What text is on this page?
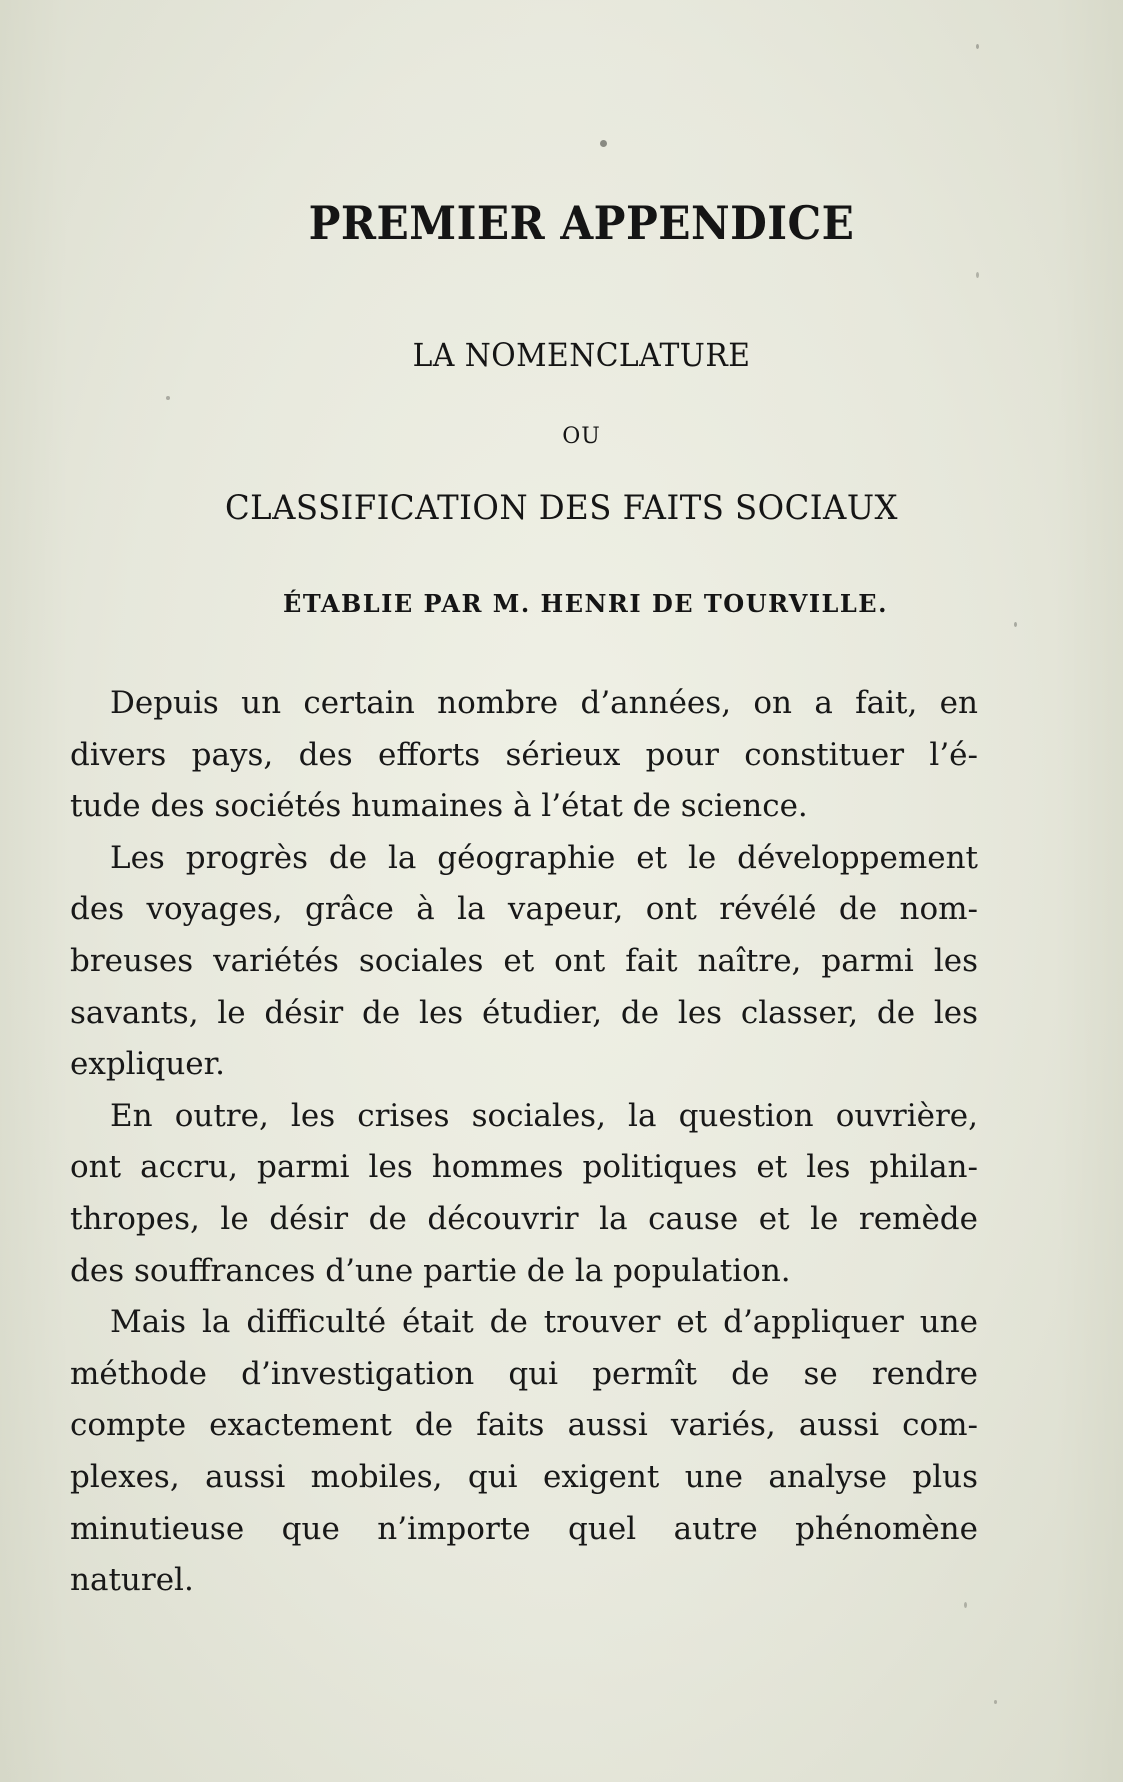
PREMIER APPENDICE
LA NOMENCLATURE
OU
CLASSIFICATION DES FAITS SOCIAUX
ÉTABLIE PAR M. HENRI DE TOURVILLE.

Depuis un certain nombre d’années, on a fait, en
divers pays, des efforts sérieux pour constituer l’é-
tude des sociétés humaines à l’état de science.

Les progrès de la géographie et le développement
des voyages, grâce à la vapeur, ont révélé de nom-
breuses variétés sociales et ont fait naître, parmi les
savants, le désir de les étudier, de les classer, de les
expliquer.

En outre, les crises sociales, la question ouvrière,
ont accru, parmi les hommes politiques et les philan-
thropes, le désir de découvrir la cause et le remède
des souffrances d’une partie de la population.

Mais la difficulté était de trouver et d’appliquer une
méthode d’investigation qui permît de se rendre
compte exactement de faits aussi variés, aussi com-
plexes, aussi mobiles, qui exigent une analyse plus
minutieuse que n’importe quel autre phénomène
naturel.
